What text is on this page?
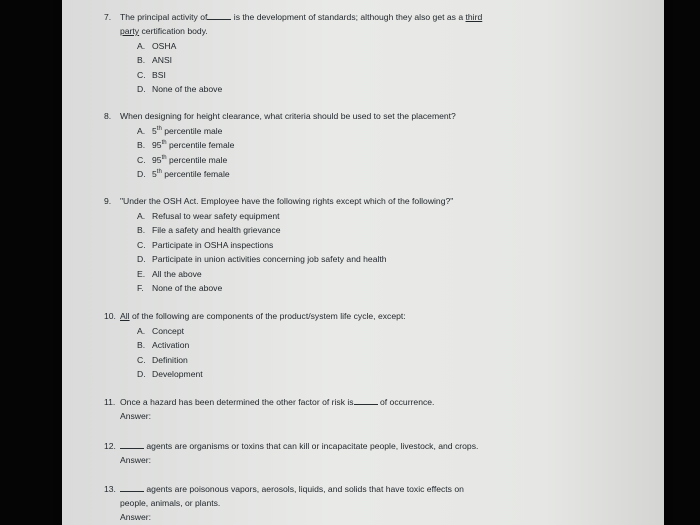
7. The principal activity of	is the development of standards; although they also get as a third
party certification body.
A. OSHA
B. ANSI
C. BSI
D. None of the above
8. When designing for height clearance, what criteria should be used to set the placement?
A. 5th percentile male
B. 95th percentile female
C. 95th percentile male
D. 5th percentile female
9. "Under the OSH Act. Employee have the following rights except which of the following?"
A. Refusal to wear safety equipment
B. File a safety and health grievance
C. Participate in OSHA inspections
D. Participate in union activities concerning job safety and health
E. All the above
F. None of the above
10. All of the following are components of the product/system life cycle, except:
A. Concept
B. Activation
C. Definition
D. Development
11. Once a hazard has been determined the other factor of risk is	of occurrence.
Answer:
12.	agents are organisms or toxins that can kill or incapacitate people, livestock, and crops.
Answer:
13.	agents are poisonous vapors, aerosols, liquids, and solids that have toxic effects on
people, animals, or plants.
Answer:
